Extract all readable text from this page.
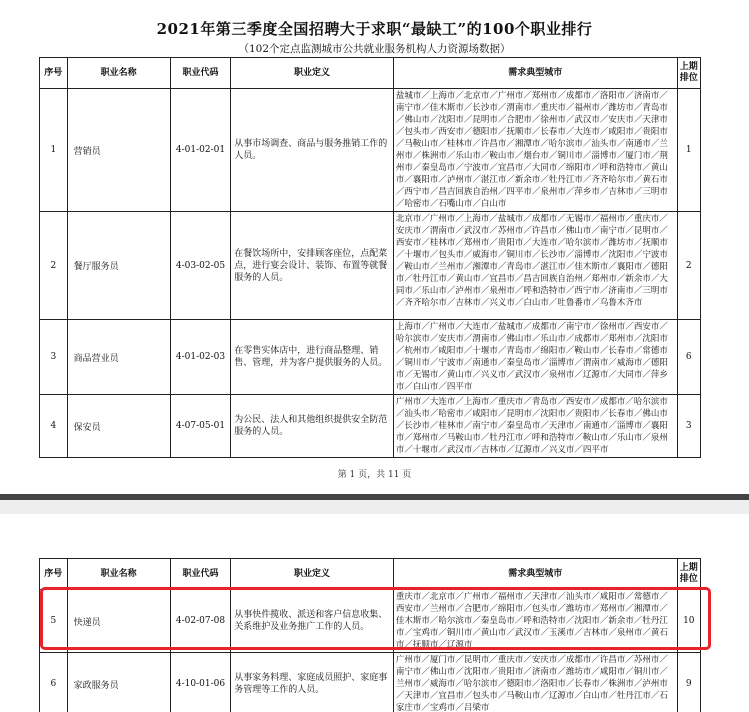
2021年第三季度全国招聘大于求职“最缺工”的100个职业排行
（102个定点监测城市公共就业服务机构人力资源场数据）
序号	职业名称	职业代码	职业定义	需求典型城市	上期排位
1	营销员	4-01-02-01	从事市场调查、商品与服务推销工作的人员。	盐城市／上海市／北京市／广州市／郑州市／成都市／洛阳市／济南市／南宁市／佳木斯市／长沙市／渭南市／重庆市／福州市／潍坊市／青岛市／佛山市／沈阳市／昆明市／合肥市／徐州市／武汉市／安庆市／天津市／包头市／西安市／德阳市／抚顺市／长春市／大连市／咸阳市／贵阳市／马鞍山市／桂林市／许昌市／湘潭市／哈尔滨市／汕头市／南通市／兰州市／株洲市／乐山市／鞍山市／烟台市／铜川市／淄博市／厦门市／荆州市／秦皇岛市／宁波市／宜昌市／大同市／绵阳市／呼和浩特市／黄山市／襄阳市／泸州市／湛江市／新余市／牡丹江市／齐齐哈尔市／黄石市／西宁市／昌吉回族自治州／四平市／泉州市／萍乡市／吉林市／三明市／哈密市／石嘴山市／白山市	1
2	餐厅服务员	4-03-02-05	在餐饮场所中，安排顾客座位，点配菜点，进行宴会设计、装饰、布置等就餐服务的人员。	北京市／广州市／上海市／盐城市／成都市／无锡市／福州市／重庆市／安庆市／渭南市／武汉市／苏州市／许昌市／佛山市／南宁市／昆明市／西安市／桂林市／郑州市／贵阳市／大连市／哈尔滨市／潍坊市／抚顺市／十堰市／包头市／威海市／铜川市／长沙市／淄博市／沈阳市／宁波市／鞍山市／兰州市／湘潭市／青岛市／湛江市／佳木斯市／襄阳市／德阳市／牡丹江市／黄山市／宜昌市／昌吉回族自治州／郑州市／新余市／大同市／乐山市／泸州市／泉州市／呼和浩特市／西宁市／济南市／三明市／齐齐哈尔市／吉林市／兴义市／白山市／吐鲁番市／乌鲁木齐市	2
3	商品营业员	4-01-02-03	在零售实体店中，进行商品整理、销售、管理，并为客户提供服务的人员。	上海市／广州市／大连市／盐城市／成都市／南宁市／徐州市／西安市／哈尔滨市／安庆市／渭南市／佛山市／乐山市／成都市／郑州市／沈阳市／杭州市／咸阳市／十堰市／青岛市／绵阳市／鞍山市／长春市／常德市／铜川市／宁波市／南通市／秦皇岛市／淄博市／渭南市／威海市／德阳市／无锡市／黄山市／兴义市／武汉市／泉州市／辽源市／大同市／萍乡市／白山市／四平市	6
4	保安员	4-07-05-01	为公民、法人和其他组织提供安全防范服务的人员。	广州市／大连市／上海市／重庆市／青岛市／西安市／成都市／哈尔滨市／汕头市／哈密市／咸阳市／昆明市／沈阳市／贵阳市／长春市／佛山市／长沙市／桂林市／南宁市／秦皇岛市／天津市／南通市／淄博市／襄阳市／郑州市／马鞍山市／牡丹江市／呼和浩特市／鞍山市／乐山市／泉州市／十堰市／武汉市／吉林市／辽源市／兴义市／四平市	3
第 1 页，共 11 页
序号	职业名称	职业代码	职业定义	需求典型城市	上期排位
5	快递员	4-02-07-08	从事快件揽收、派送和客户信息收集、关系维护及业务推广工作的人员。	重庆市／北京市／广州市／福州市／天津市／汕头市／咸阳市／常德市／西安市／兰州市／合肥市／绵阳市／包头市／潍坊市／郑州市／湘潭市／佳木斯市／哈尔滨市／秦皇岛市／呼和浩特市／沈阳市／新余市／牡丹江市／宝鸡市／铜川市／黄山市／武汉市／玉溪市／吉林市／泉州市／黄石市／抚顺市／辽源市	10
6	家政服务员	4-10-01-06	从事家务料理、家庭成员照护、家庭事务管理等工作的人员。	广州市／厦门市／昆明市／重庆市／安庆市／成都市／许昌市／苏州市／南宁市／佛山市／沈阳市／贵阳市／济南市／潍坊市／咸阳市／铜川市／兰州市／威海市／哈尔滨市／德阳市／洛阳市／长春市／株洲市／泸州市／天津市／宜昌市／包头市／马鞍山市／辽源市／白山市／牡丹江市／石家庄市／宝鸡市／吕梁市	9
